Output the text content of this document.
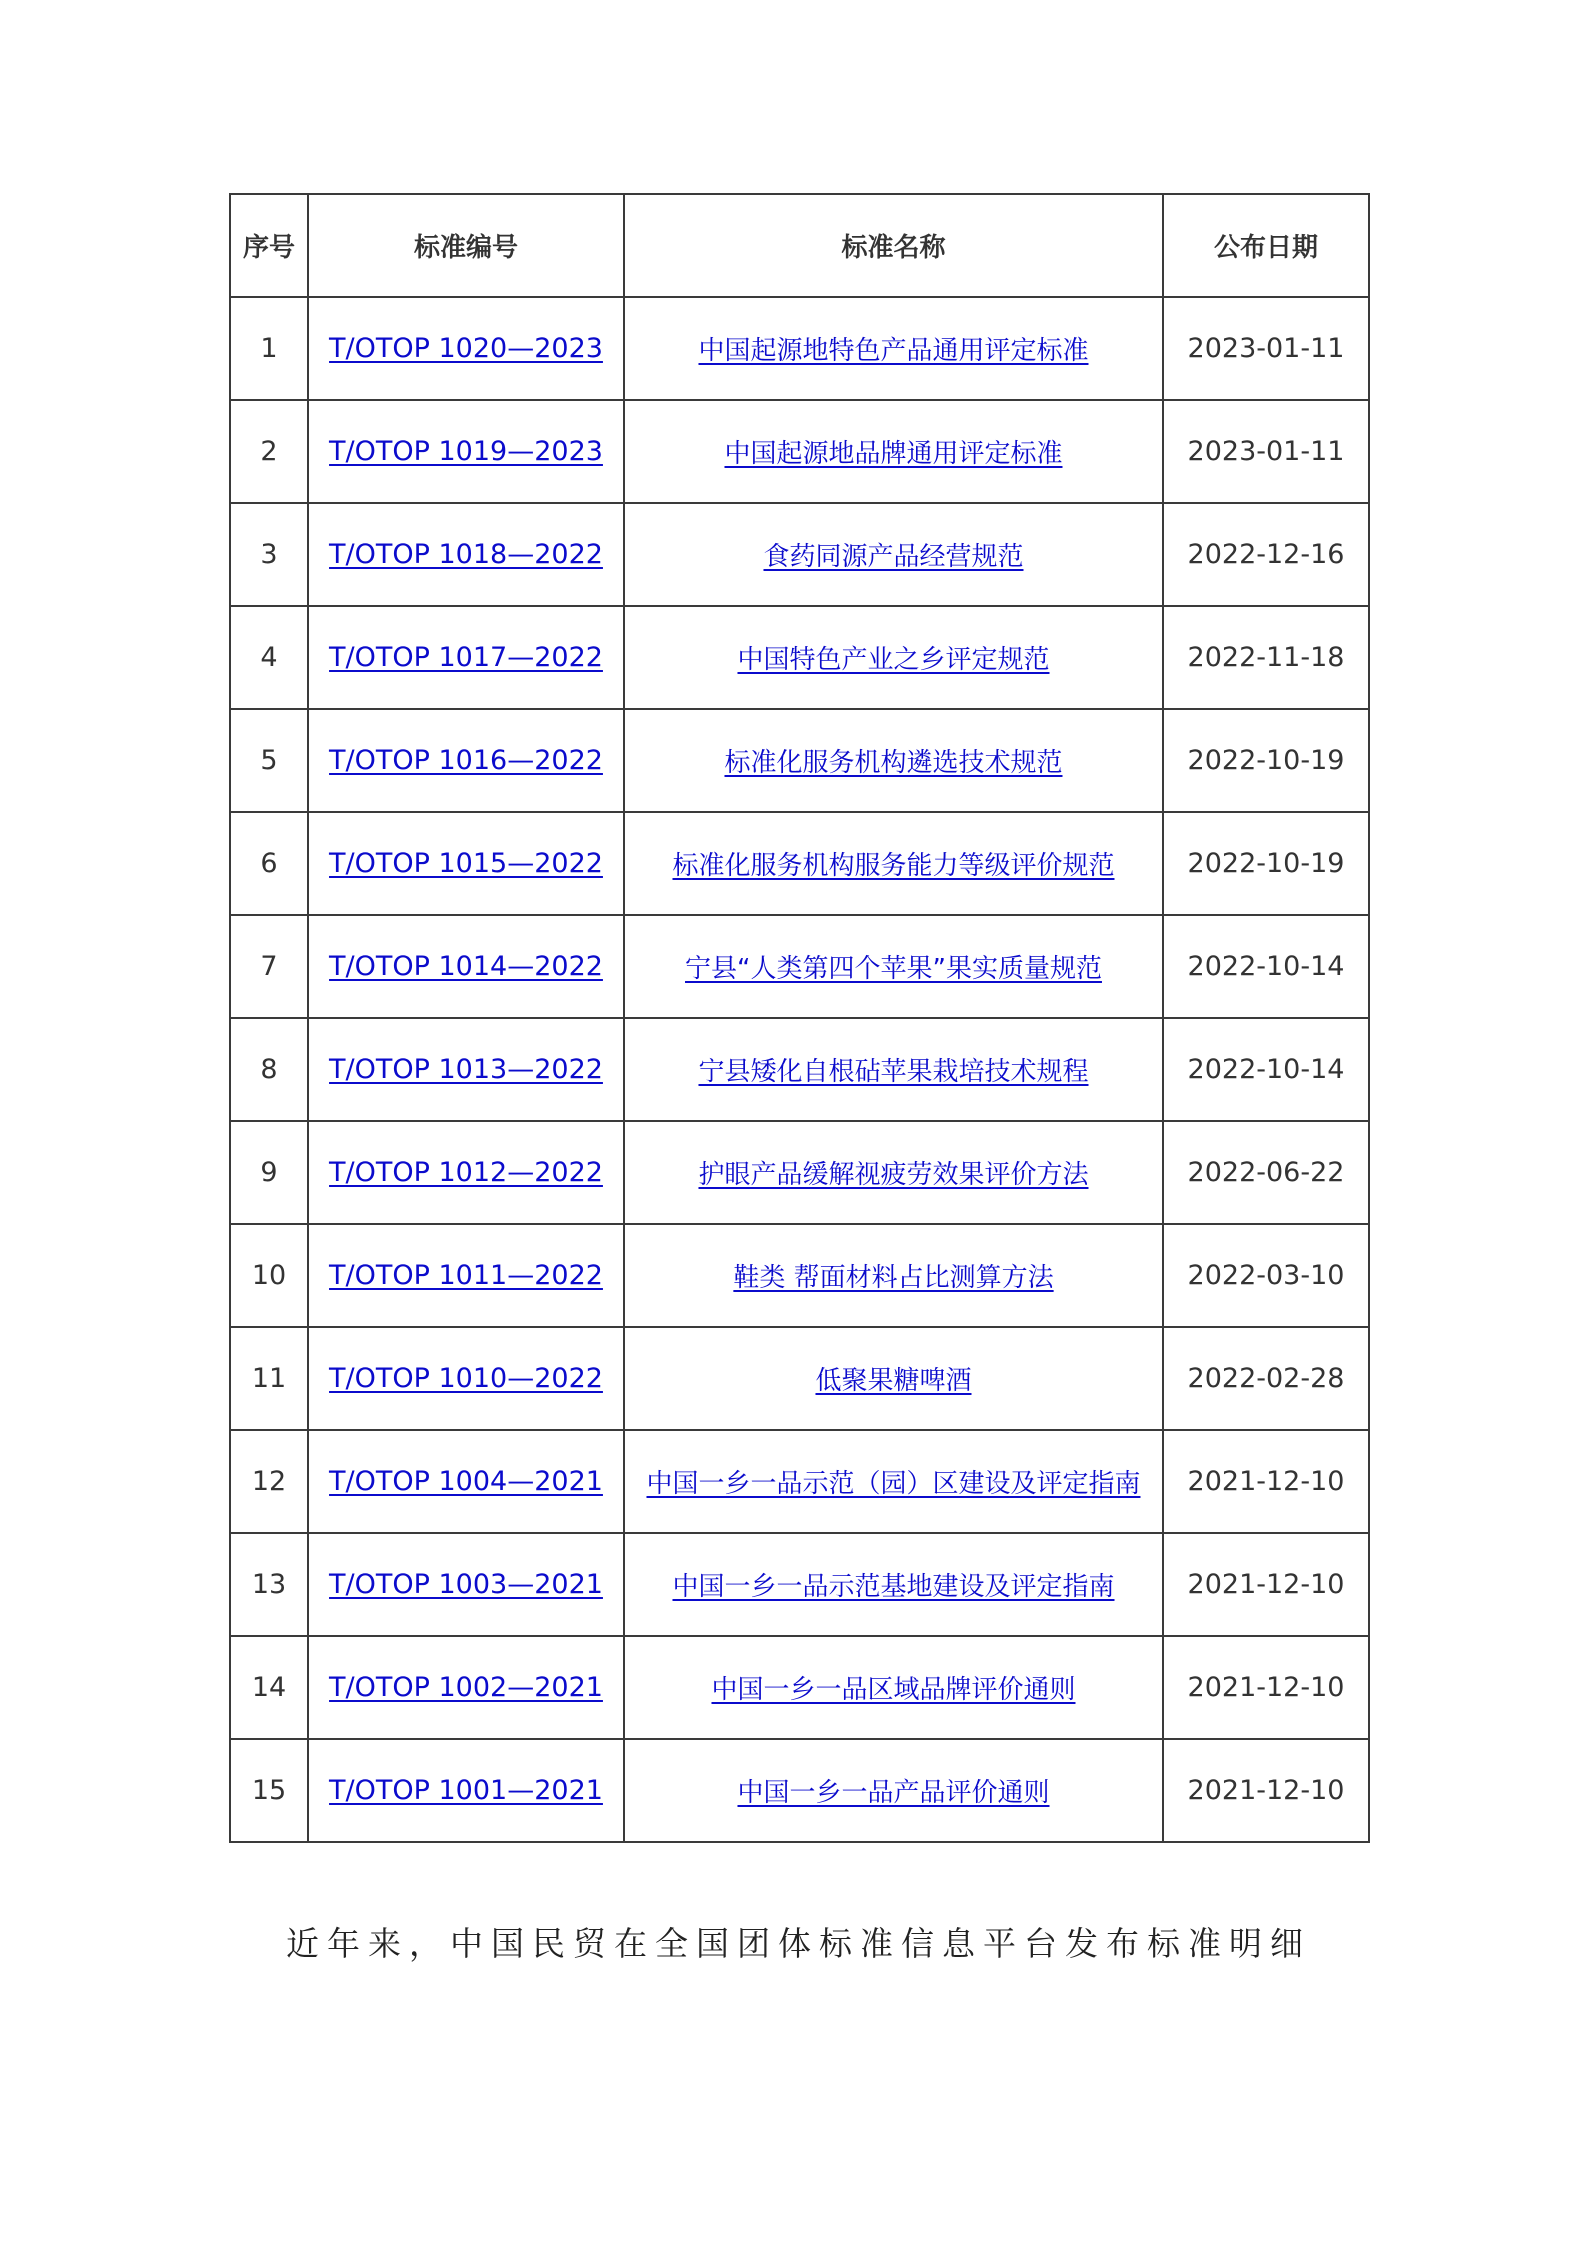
序号	标准编号	标准名称	公布日期
1	T/OTOP 1020—2023	中国起源地特色产品通用评定标准	2023-01-11
2	T/OTOP 1019—2023	中国起源地品牌通用评定标准	2023-01-11
3	T/OTOP 1018—2022	食药同源产品经营规范	2022-12-16
4	T/OTOP 1017—2022	中国特色产业之乡评定规范	2022-11-18
5	T/OTOP 1016—2022	标准化服务机构遴选技术规范	2022-10-19
6	T/OTOP 1015—2022	标准化服务机构服务能力等级评价规范	2022-10-19
7	T/OTOP 1014—2022	宁县“人类第四个苹果”果实质量规范	2022-10-14
8	T/OTOP 1013—2022	宁县矮化自根砧苹果栽培技术规程	2022-10-14
9	T/OTOP 1012—2022	护眼产品缓解视疲劳效果评价方法	2022-06-22
10	T/OTOP 1011—2022	鞋类 帮面材料占比测算方法	2022-03-10
11	T/OTOP 1010—2022	低聚果糖啤酒	2022-02-28
12	T/OTOP 1004—2021	中国一乡一品示范（园）区建设及评定指南	2021-12-10
13	T/OTOP 1003—2021	中国一乡一品示范基地建设及评定指南	2021-12-10
14	T/OTOP 1002—2021	中国一乡一品区域品牌评价通则	2021-12-10
15	T/OTOP 1001—2021	中国一乡一品产品评价通则	2021-12-10
近年来，中国民贸在全国团体标准信息平台发布标准明细
